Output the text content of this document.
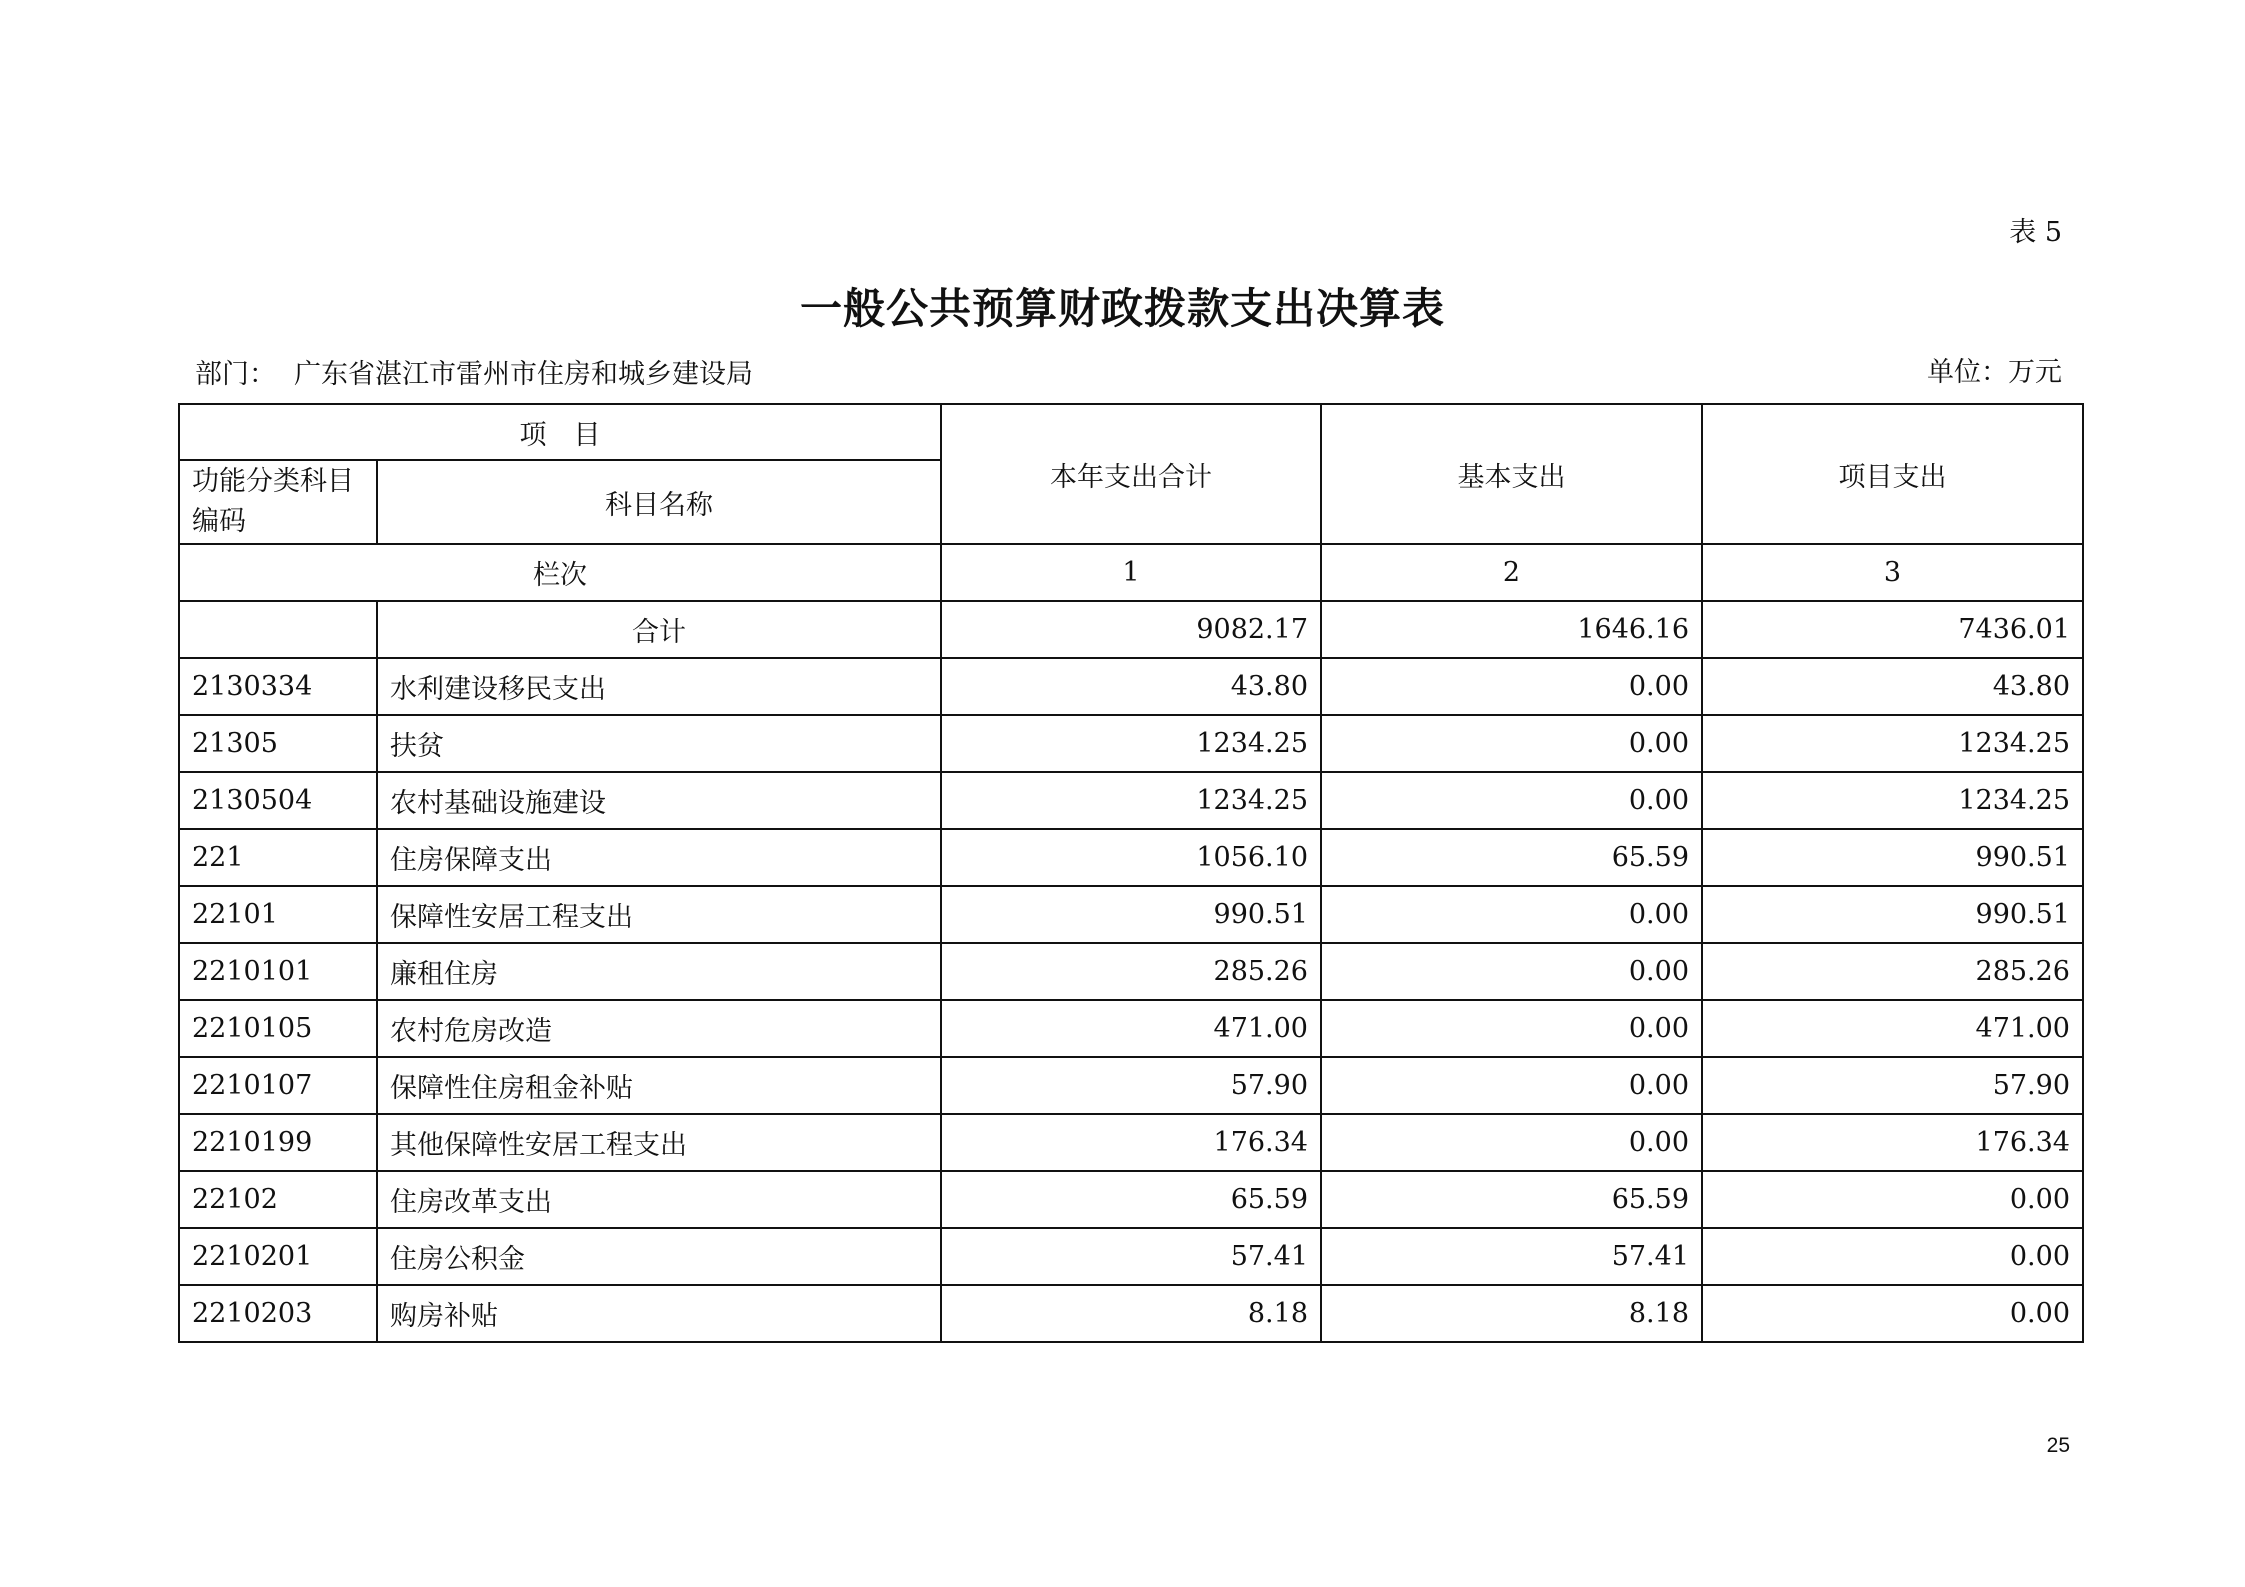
表 5
一般公共预算财政拨款支出决算表
部门： 广东省湛江市雷州市住房和城乡建设局	单位：万元
项　目		本年支出合计	基本支出	项目支出
功能分类科目编码	科目名称			
栏次		1	2	3
	合计	9082.17	1646.16	7436.01
2130334	水利建设移民支出	43.80	0.00	43.80
21305	扶贫	1234.25	0.00	1234.25
2130504	农村基础设施建设	1234.25	0.00	1234.25
221	住房保障支出	1056.10	65.59	990.51
22101	保障性安居工程支出	990.51	0.00	990.51
2210101	廉租住房	285.26	0.00	285.26
2210105	农村危房改造	471.00	0.00	471.00
2210107	保障性住房租金补贴	57.90	0.00	57.90
2210199	其他保障性安居工程支出	176.34	0.00	176.34
22102	住房改革支出	65.59	65.59	0.00
2210201	住房公积金	57.41	57.41	0.00
2210203	购房补贴	8.18	8.18	0.00
25
